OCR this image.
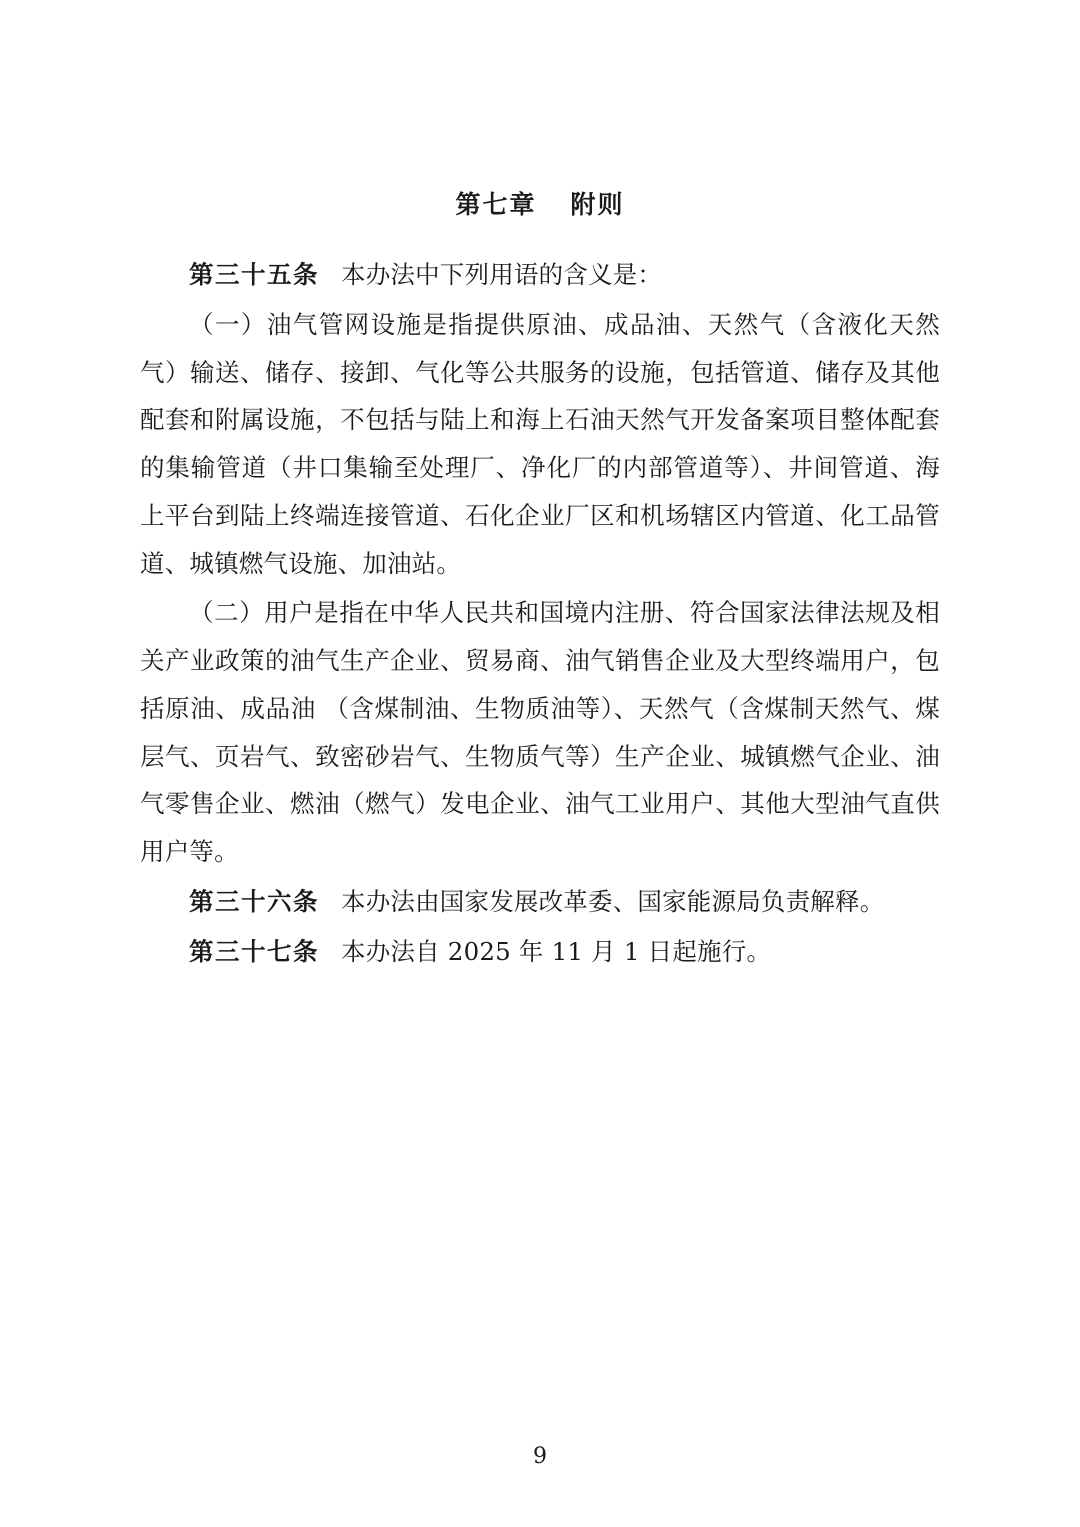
第七章 附则

第三十五条 本办法中下列用语的含义是：

（一）油气管网设施是指提供原油、成品油、天然气（含液化天然气）输送、储存、接卸、气化等公共服务的设施，包括管道、储存及其他配套和附属设施，不包括与陆上和海上石油天然气开发备案项目整体配套的集输管道（井口集输至处理厂、净化厂的内部管道等）、井间管道、海上平台到陆上终端连接管道、石化企业厂区和机场辖区内管道、化工品管道、城镇燃气设施、加油站。

（二）用户是指在中华人民共和国境内注册、符合国家法律法规及相关产业政策的油气生产企业、贸易商、油气销售企业及大型终端用户，包括原油、成品油 （含煤制油、生物质油等）、天然气（含煤制天然气、煤层气、页岩气、致密砂岩气、生物质气等）生产企业、城镇燃气企业、油气零售企业、燃油（燃气）发电企业、油气工业用户、其他大型油气直供用户等。

第三十六条 本办法由国家发展改革委、国家能源局负责解释。

第三十七条 本办法自 2025 年 11 月 1 日起施行。

9
